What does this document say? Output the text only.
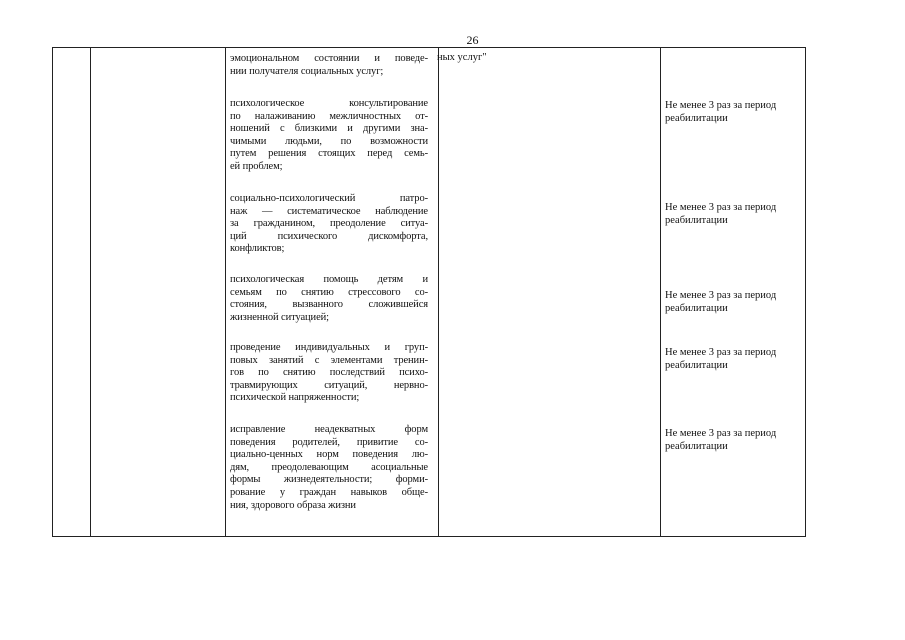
26
ных услуг"
эмоциональном состоянии и поведе-
нии получателя социальных услуг;
психологическое консультирование
по налаживанию межличностных от-
ношений с близкими и другими зна-
чимыми людьми, по возможности
путем решения стоящих перед семь-
ей проблем;
социально-психологический патро-
наж — систематическое наблюдение
за гражданином, преодоление ситуа-
ций психического дискомфорта,
конфликтов;
психологическая помощь детям и
семьям по снятию стрессового со-
стояния, вызванного сложившейся
жизненной ситуацией;
проведение индивидуальных и груп-
повых занятий с элементами тренин-
гов по снятию последствий психо-
травмирующих ситуаций, нервно-
психической напряженности;
исправление неадекватных форм
поведения родителей, привитие со-
циально-ценных норм поведения лю-
дям, преодолевающим асоциальные
формы жизнедеятельности; форми-
рование у граждан навыков обще-
ния, здорового образа жизни
Не менее 3 раз за период реабилитации
Не менее 3 раз за период реабилитации
Не менее 3 раз за период реабилитации
Не менее 3 раз за период реабилитации
Не менее 3 раз за период реабилитации
